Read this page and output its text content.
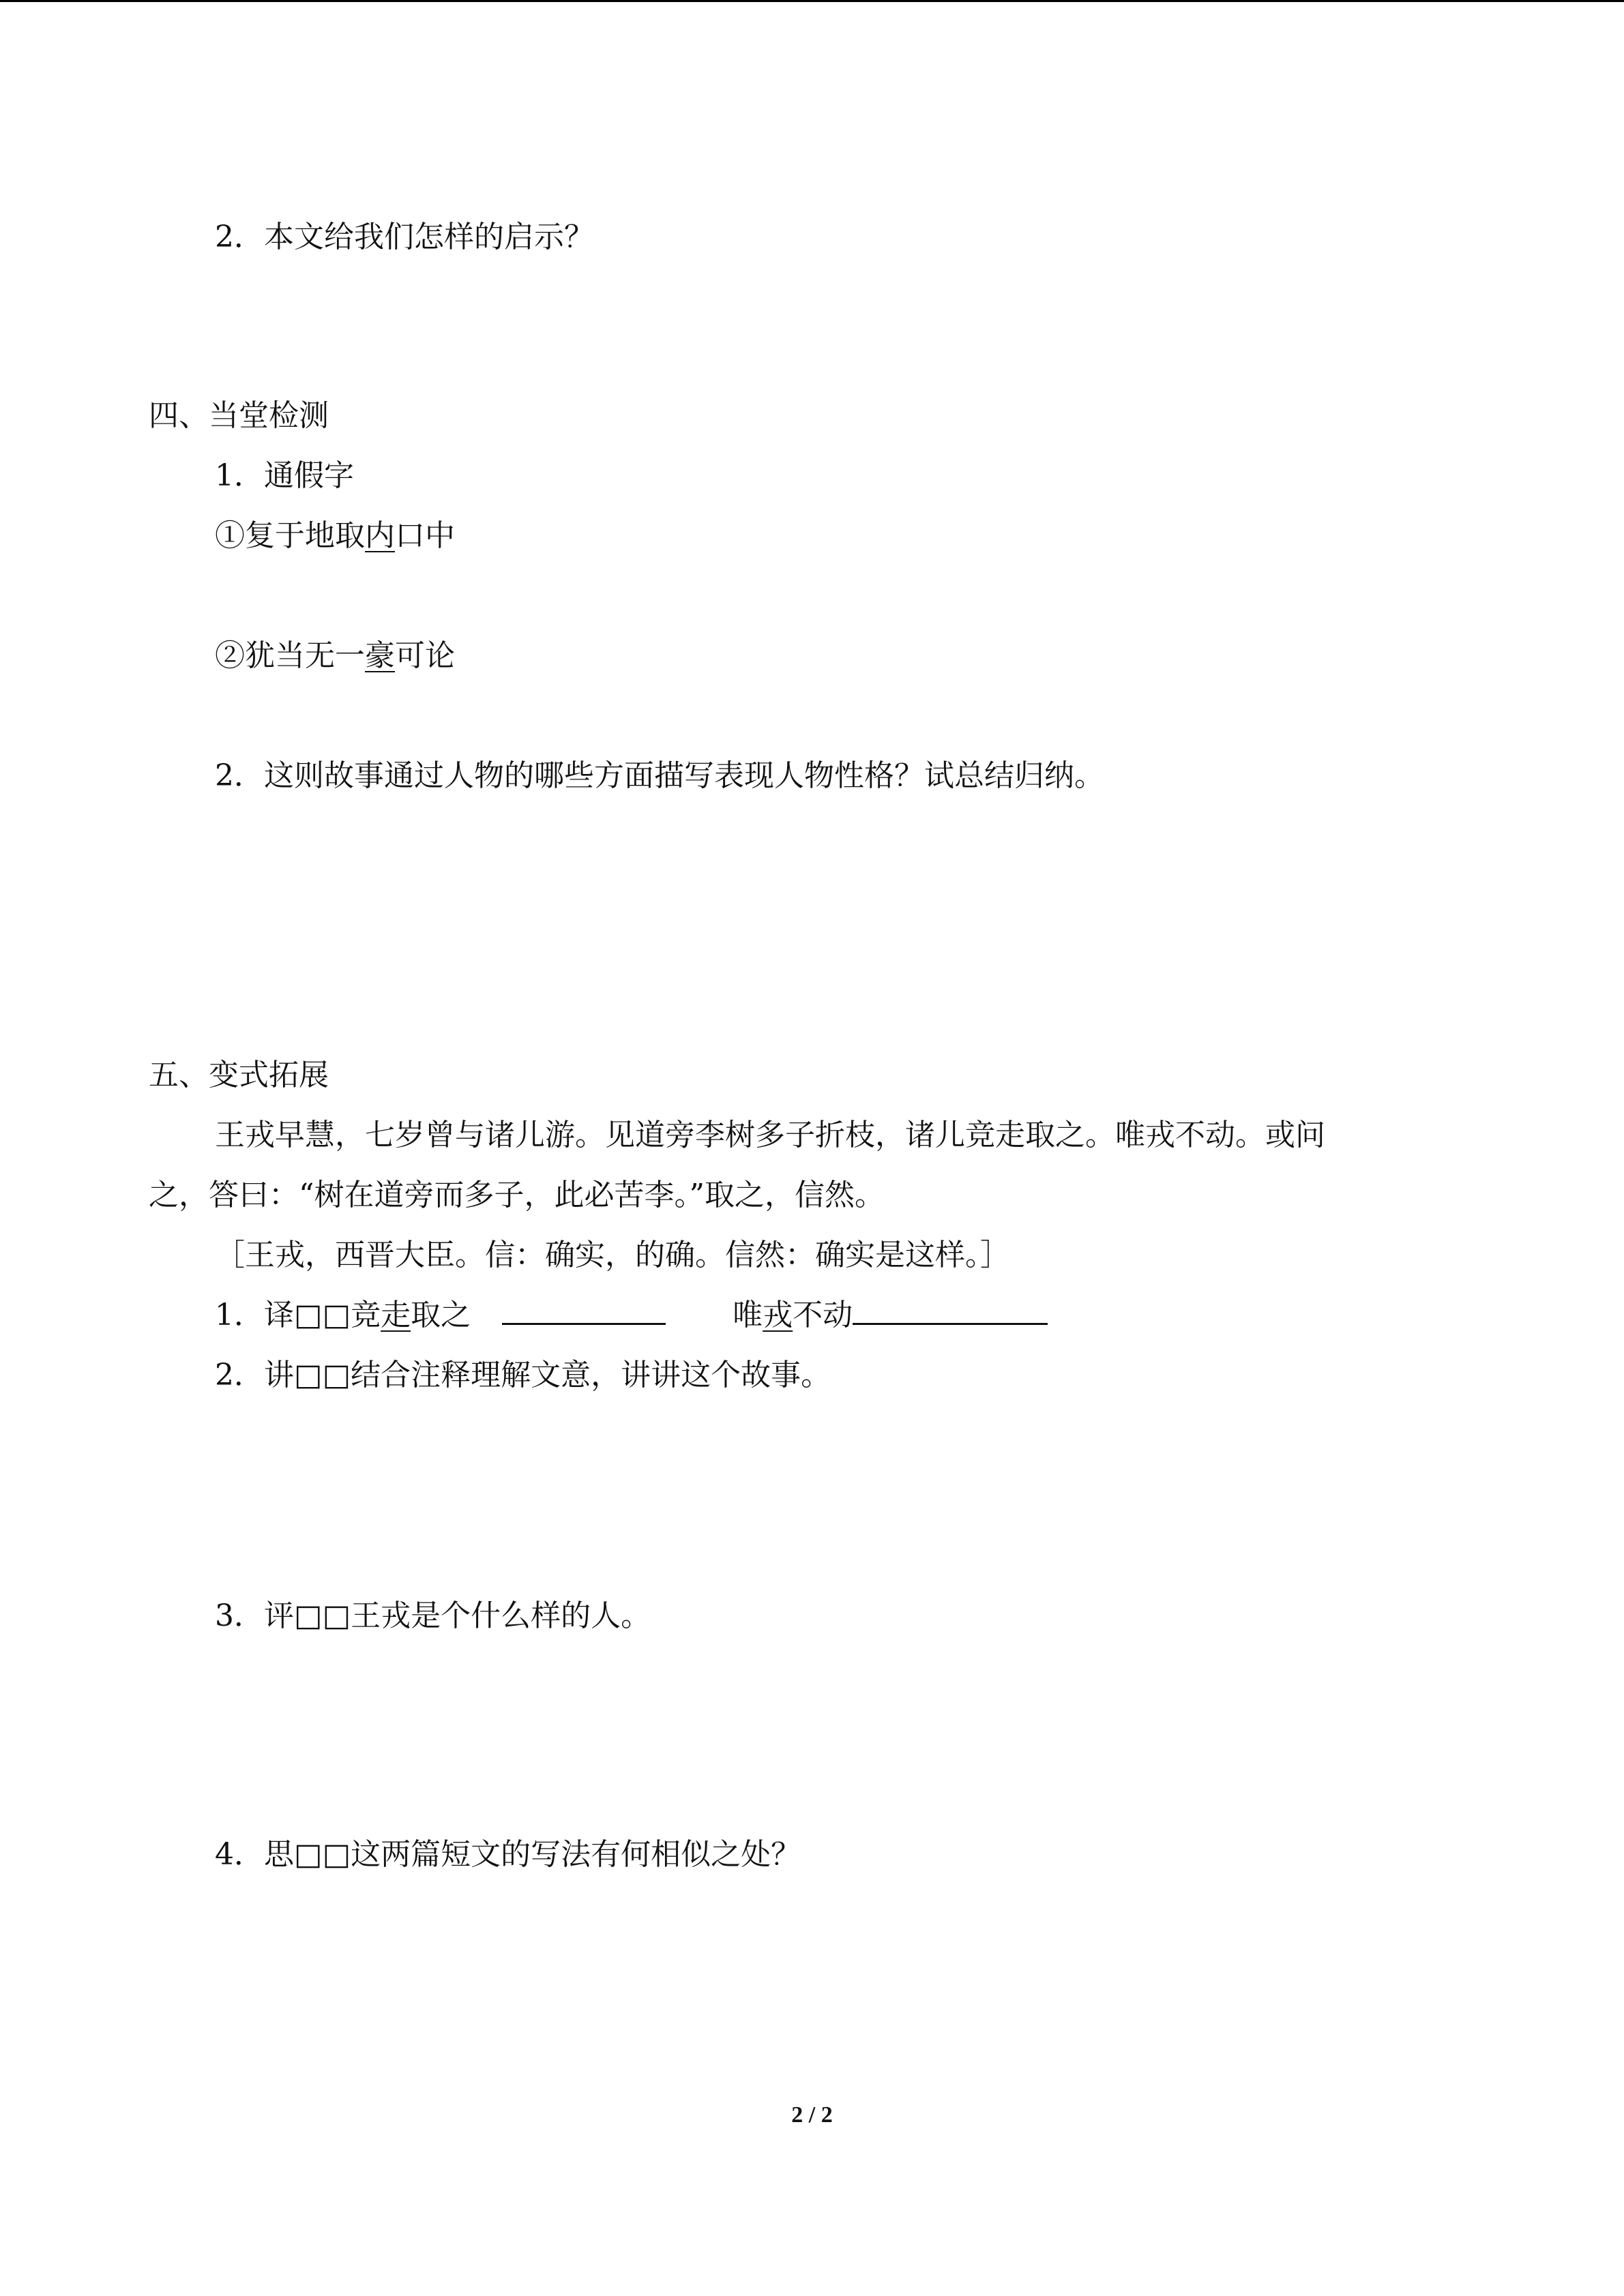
2．本文给我们怎样的启示？
四、当堂检测
1．通假字
①复于地取内口中
②犹当无一豪可论
2．这则故事通过人物的哪些方面描写表现人物性格？试总结归纳。
五、变式拓展
王戎早慧，七岁曾与诸儿游。见道旁李树多子折枝，诸儿竞走取之。唯戎不动。或问
之，答曰：“树在道旁而多子，此必苦李。”取之，信然。
［王戎，西晋大臣。信：确实，的确。信然：确实是这样。］
1．译□□竞走取之	唯戎不动
2．讲□□结合注释理解文意，讲讲这个故事。
3．评□□王戎是个什么样的人。
4．思□□这两篇短文的写法有何相似之处？
2 / 2
